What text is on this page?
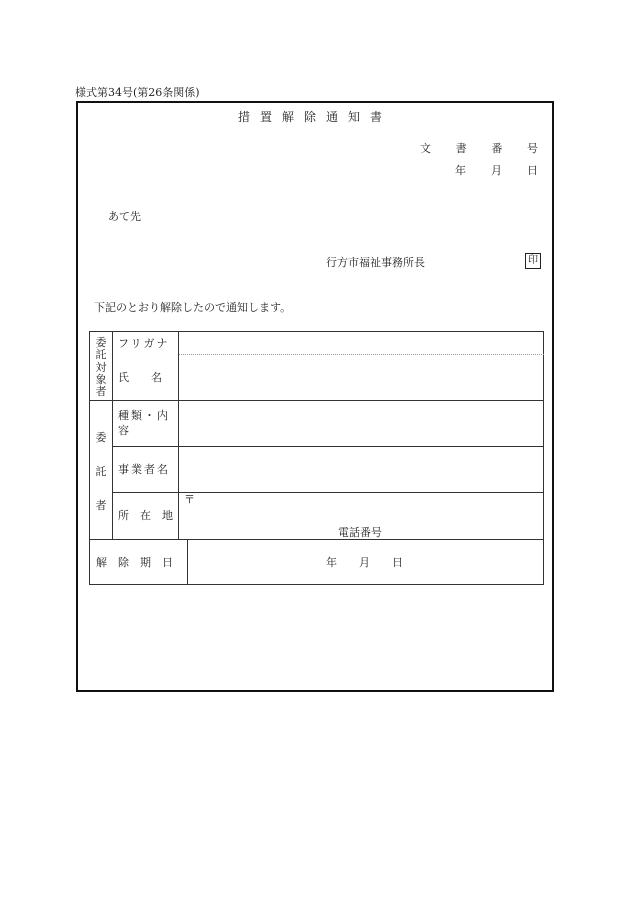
様式第34号(第26条関係)
措置解除通知書
文 書 番 号
年 月 日
あて先
行方市福祉事務所長	印
下記のとおり解除したので通知します。
委
託
対
象
者
フリガナ
氏　　名
委
託
者
種類・内
容
事業者名
所　在　地
〒
電話番号
解　除　期　日	年 月 日
